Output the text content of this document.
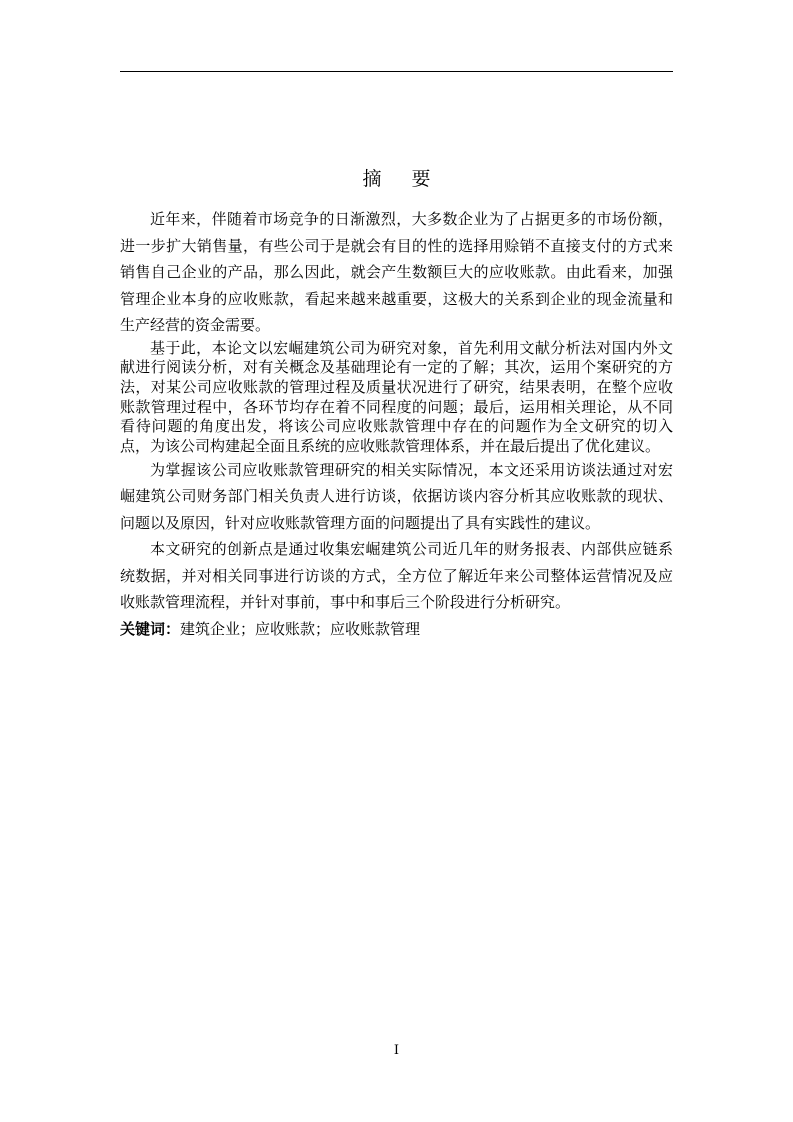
摘 要

近年来，伴随着市场竞争的日渐激烈，大多数企业为了占据更多的市场份额，进一步扩大销售量，有些公司于是就会有目的性的选择用赊销不直接支付的方式来销售自己企业的产品，那么因此，就会产生数额巨大的应收账款。由此看来，加强管理企业本身的应收账款，看起来越来越重要，这极大的关系到企业的现金流量和生产经营的资金需要。

基于此，本论文以宏崛建筑公司为研究对象，首先利用文献分析法对国内外文献进行阅读分析，对有关概念及基础理论有一定的了解；其次，运用个案研究的方法，对某公司应收账款的管理过程及质量状况进行了研究，结果表明，在整个应收账款管理过程中，各环节均存在着不同程度的问题；最后，运用相关理论，从不同看待问题的角度出发，将该公司应收账款管理中存在的问题作为全文研究的切入点，为该公司构建起全面且系统的应收账款管理体系，并在最后提出了优化建议。

为掌握该公司应收账款管理研究的相关实际情况，本文还采用访谈法通过对宏崛建筑公司财务部门相关负责人进行访谈，依据访谈内容分析其应收账款的现状、问题以及原因，针对应收账款管理方面的问题提出了具有实践性的建议。

本文研究的创新点是通过收集宏崛建筑公司近几年的财务报表、内部供应链系统数据，并对相关同事进行访谈的方式，全方位了解近年来公司整体运营情况及应收账款管理流程，并针对事前，事中和事后三个阶段进行分析研究。

关键词：建筑企业；应收账款；应收账款管理

I
